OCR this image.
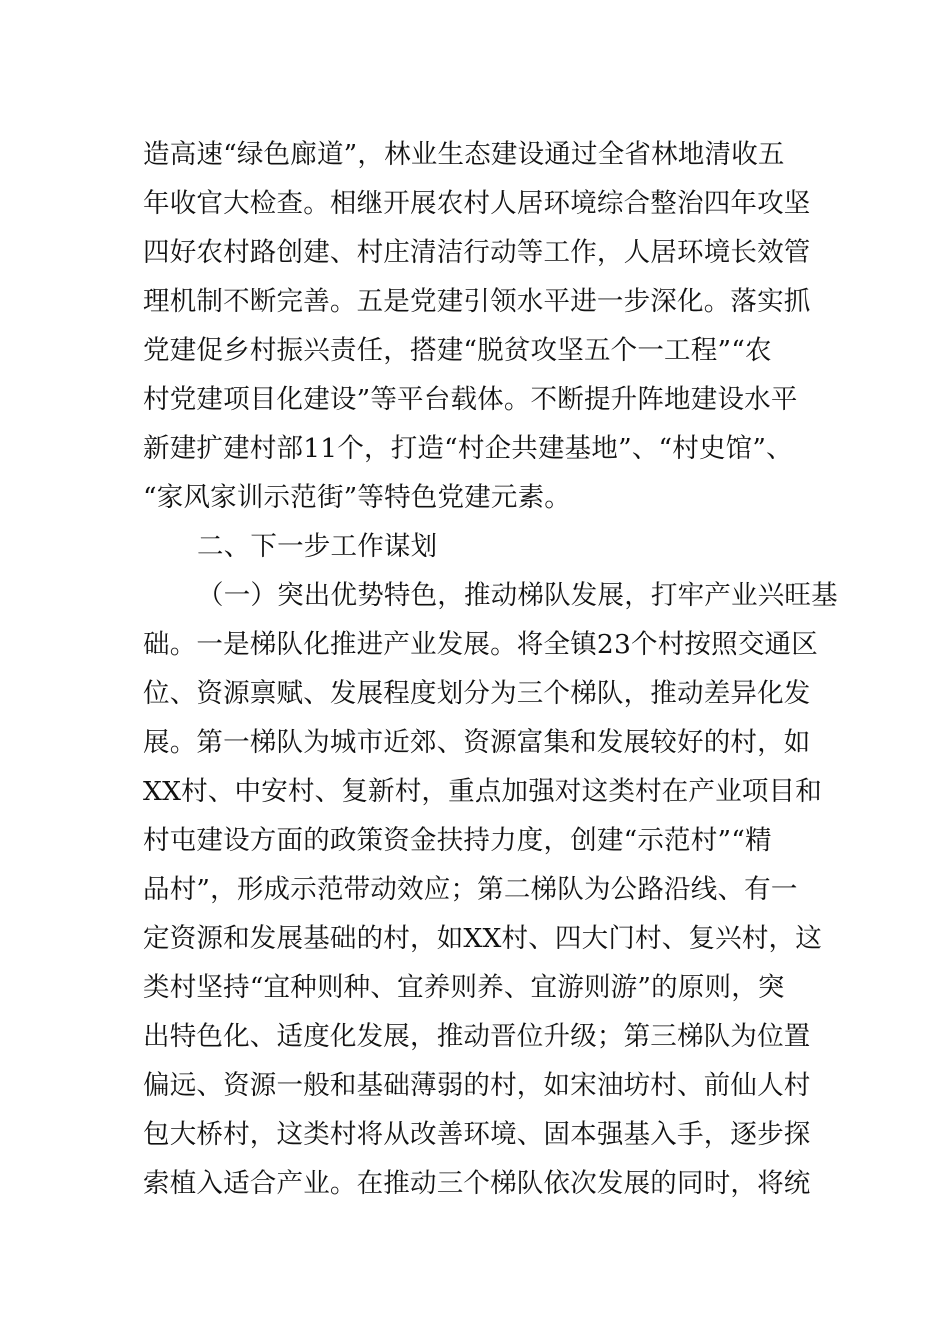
造高速“绿色廊道”，林业生态建设通过全省林地清收五
年收官大检查。相继开展农村人居环境综合整治四年攻坚
四好农村路创建、村庄清洁行动等工作，人居环境长效管
理机制不断完善。五是党建引领水平进一步深化。落实抓
党建促乡村振兴责任，搭建“脱贫攻坚五个一工程”“农
村党建项目化建设”等平台载体。不断提升阵地建设水平
新建扩建村部11个，打造“村企共建基地”、“村史馆”、
“家风家训示范街”等特色党建元素。
二、下一步工作谋划
（一）突出优势特色，推动梯队发展，打牢产业兴旺基
础。一是梯队化推进产业发展。将全镇23个村按照交通区
位、资源禀赋、发展程度划分为三个梯队，推动差异化发
展。第一梯队为城市近郊、资源富集和发展较好的村，如
XX村、中安村、复新村，重点加强对这类村在产业项目和
村屯建设方面的政策资金扶持力度，创建“示范村”“精
品村”，形成示范带动效应；第二梯队为公路沿线、有一
定资源和发展基础的村，如XX村、四大门村、复兴村，这
类村坚持“宜种则种、宜养则养、宜游则游”的原则，突
出特色化、适度化发展，推动晋位升级；第三梯队为位置
偏远、资源一般和基础薄弱的村，如宋油坊村、前仙人村
包大桥村，这类村将从改善环境、固本强基入手，逐步探
索植入适合产业。在推动三个梯队依次发展的同时，将统
